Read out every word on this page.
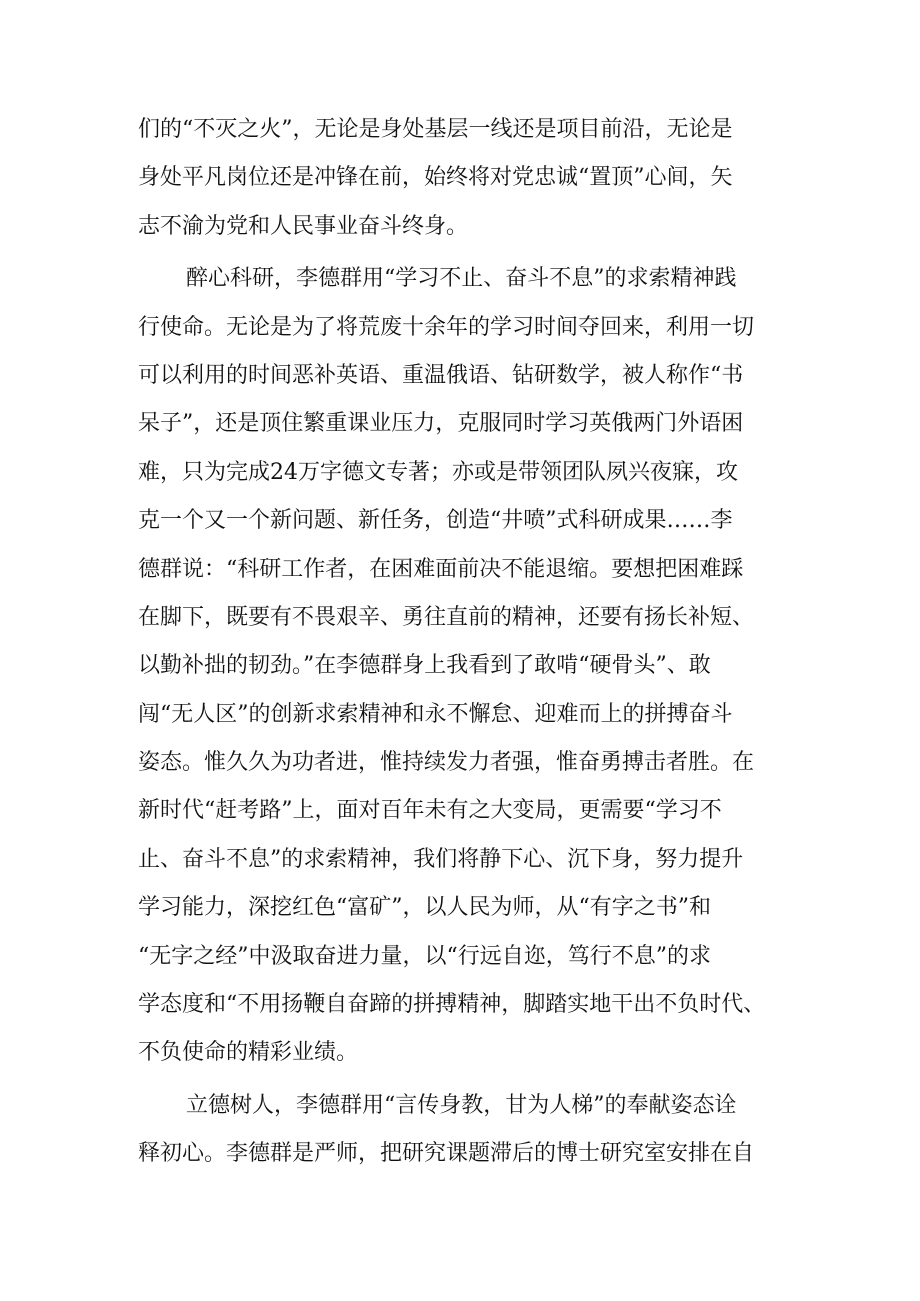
们的“不灭之火”，无论是身处基层一线还是项目前沿，无论是
身处平凡岗位还是冲锋在前，始终将对党忠诚“置顶”心间，矢
志不渝为党和人民事业奋斗终身。
醉心科研，李德群用“学习不止、奋斗不息”的求索精神践
行使命。无论是为了将荒废十余年的学习时间夺回来，利用一切
可以利用的时间恶补英语、重温俄语、钻研数学，被人称作“书
呆子”，还是顶住繁重课业压力，克服同时学习英俄两门外语困
难，只为完成24万字德文专著；亦或是带领团队夙兴夜寐，攻
克一个又一个新问题、新任务，创造“井喷”式科研成果……李
德群说：“科研工作者，在困难面前决不能退缩。要想把困难踩
在脚下，既要有不畏艰辛、勇往直前的精神，还要有扬长补短、
以勤补拙的韧劲。”在李德群身上我看到了敢啃“硬骨头”、敢
闯“无人区”的创新求索精神和永不懈怠、迎难而上的拼搏奋斗
姿态。惟久久为功者进，惟持续发力者强，惟奋勇搏击者胜。在
新时代“赶考路”上，面对百年未有之大变局，更需要“学习不
止、奋斗不息”的求索精神，我们将静下心、沉下身，努力提升
学习能力，深挖红色“富矿”，以人民为师，从“有字之书”和
“无字之经”中汲取奋进力量，以“行远自迩，笃行不息”的求
学态度和“不用扬鞭自奋蹄的拼搏精神，脚踏实地干出不负时代、
不负使命的精彩业绩。
立德树人，李德群用“言传身教，甘为人梯”的奉献姿态诠
释初心。李德群是严师，把研究课题滞后的博士研究室安排在自
